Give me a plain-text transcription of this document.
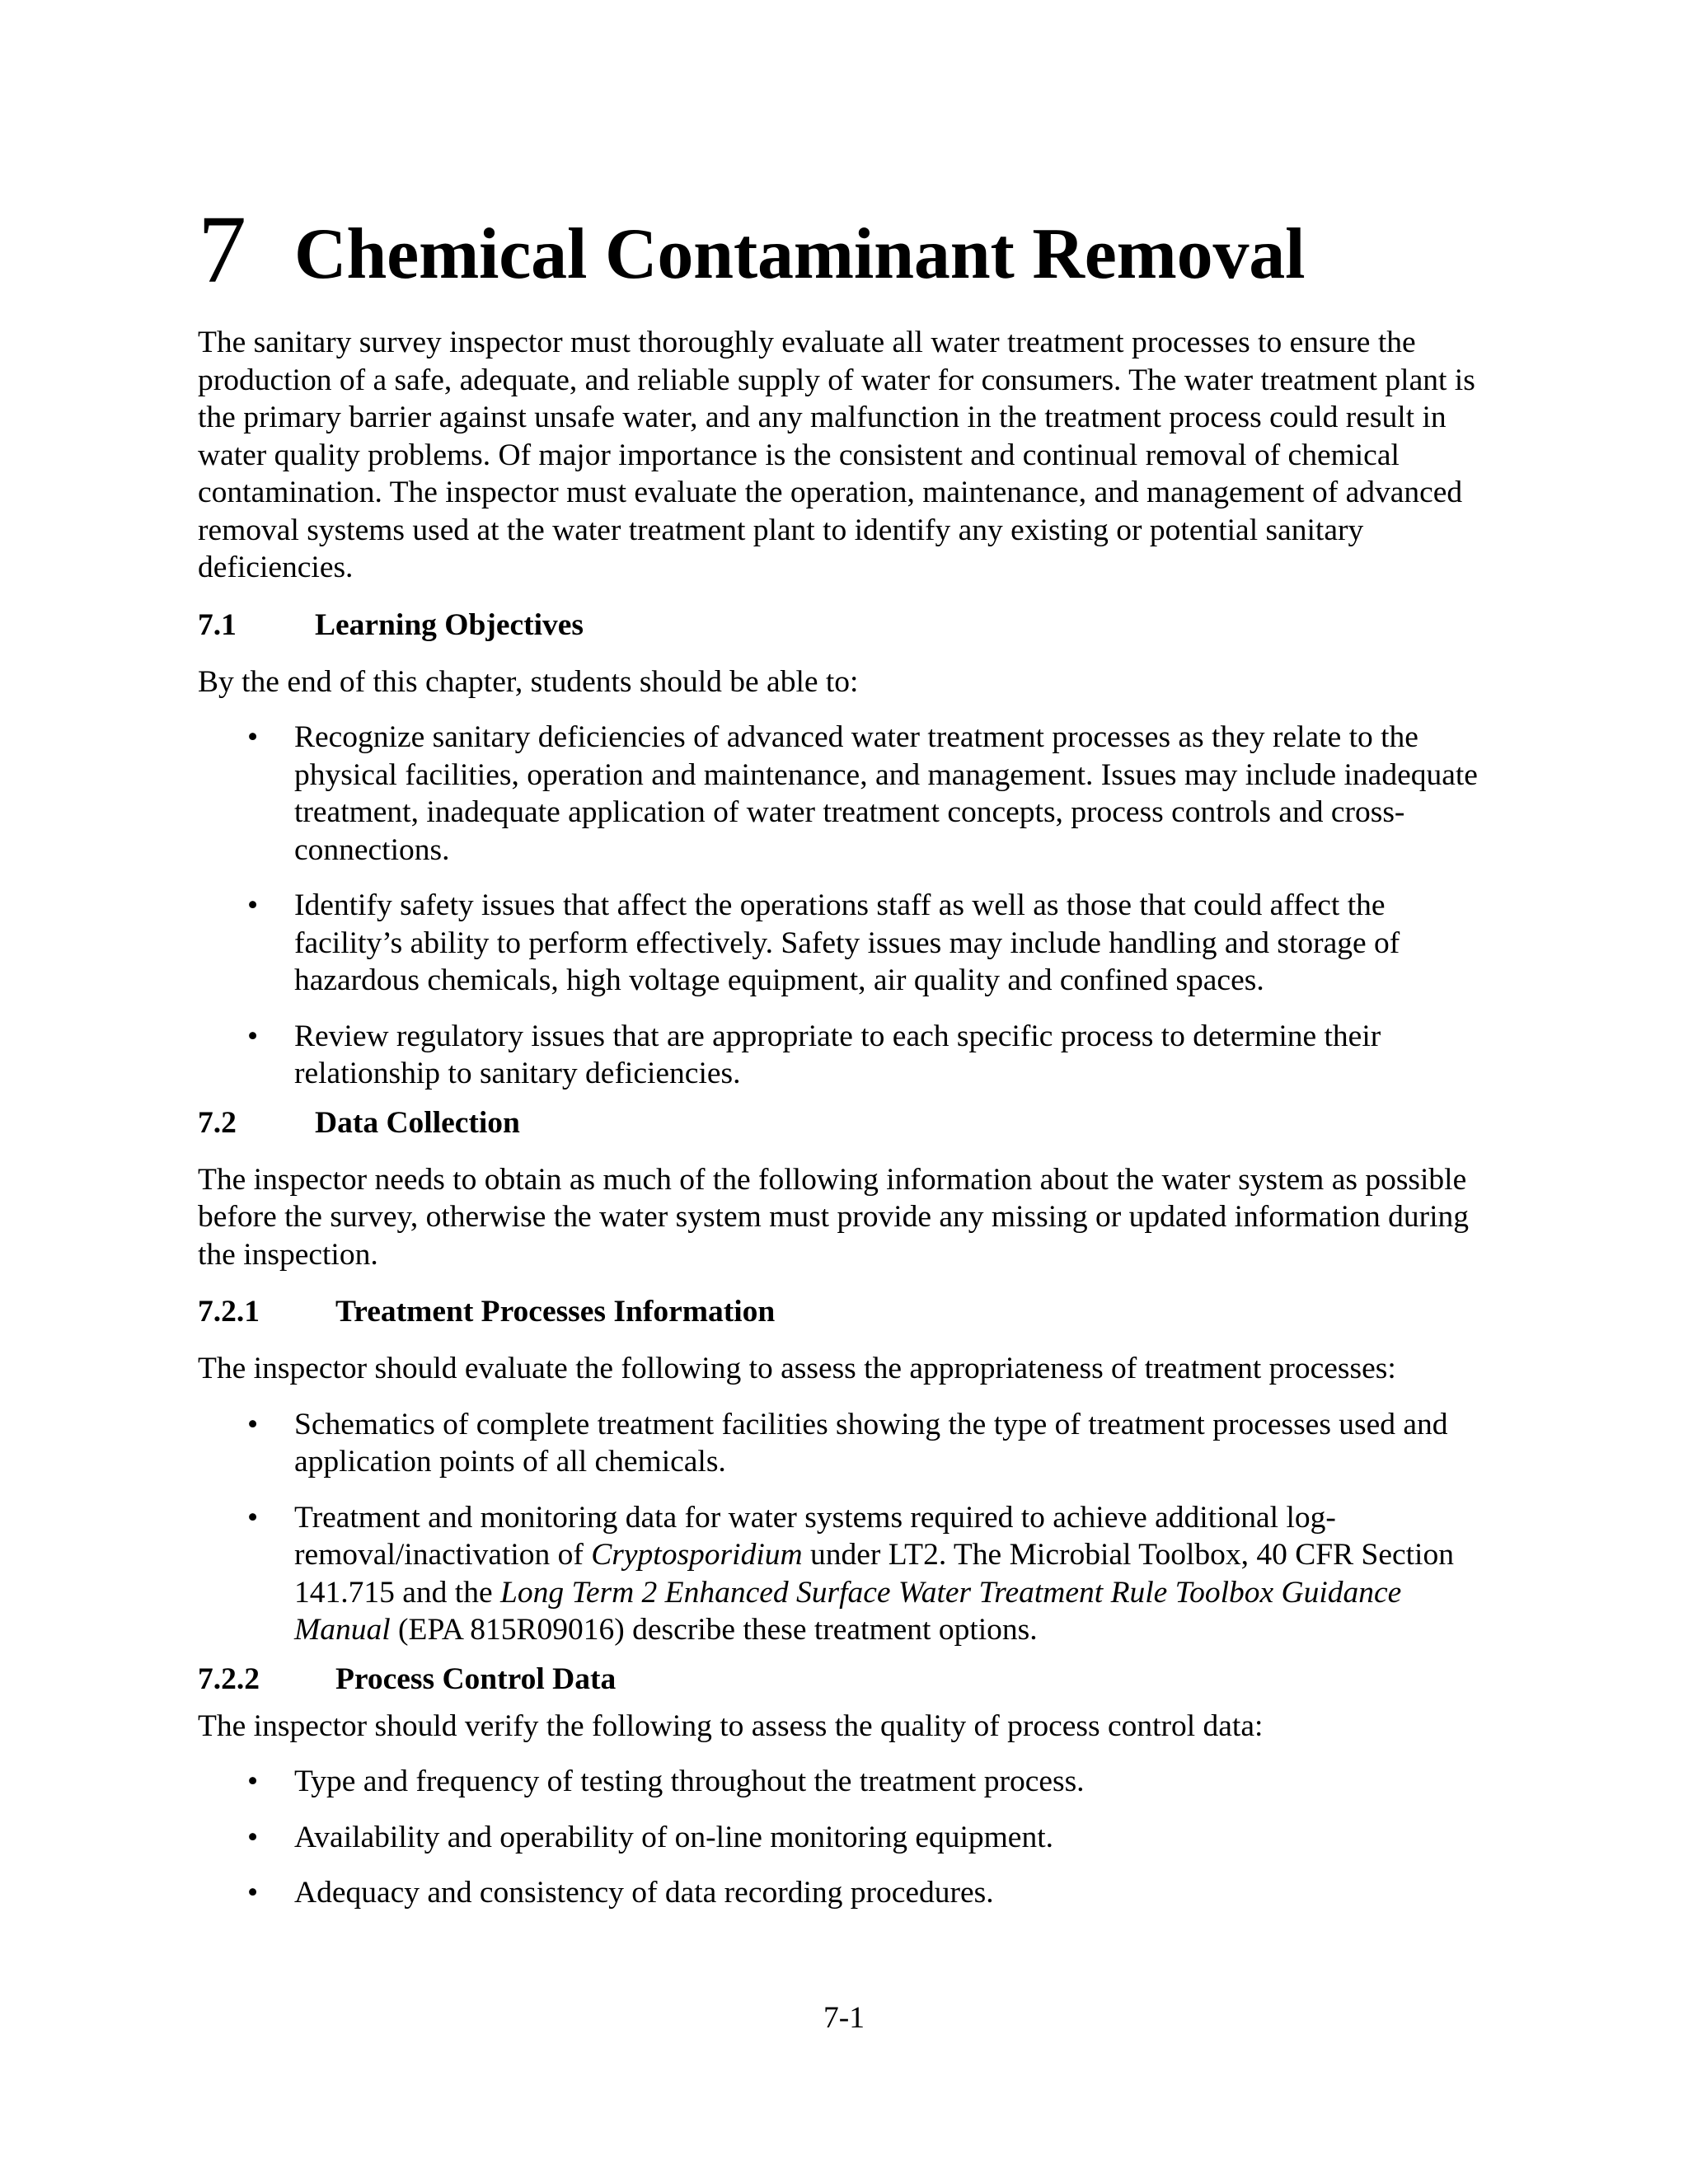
7 Chemical Contaminant Removal

The sanitary survey inspector must thoroughly evaluate all water treatment processes to ensure the production of a safe, adequate, and reliable supply of water for consumers. The water treatment plant is the primary barrier against unsafe water, and any malfunction in the treatment process could result in water quality problems. Of major importance is the consistent and continual removal of chemical contamination. The inspector must evaluate the operation, maintenance, and management of advanced removal systems used at the water treatment plant to identify any existing or potential sanitary deficiencies.

7.1	Learning Objectives

By the end of this chapter, students should be able to:

• Recognize sanitary deficiencies of advanced water treatment processes as they relate to the physical facilities, operation and maintenance, and management. Issues may include inadequate treatment, inadequate application of water treatment concepts, process controls and cross-connections.
• Identify safety issues that affect the operations staff as well as those that could affect the facility’s ability to perform effectively. Safety issues may include handling and storage of hazardous chemicals, high voltage equipment, air quality and confined spaces.
• Review regulatory issues that are appropriate to each specific process to determine their relationship to sanitary deficiencies.
7.2	Data Collection

The inspector needs to obtain as much of the following information about the water system as possible before the survey, otherwise the water system must provide any missing or updated information during the inspection.

7.2.1 Treatment Processes Information

The inspector should evaluate the following to assess the appropriateness of treatment processes:

• Schematics of complete treatment facilities showing the type of treatment processes used and application points of all chemicals.
• Treatment and monitoring data for water systems required to achieve additional log-removal/inactivation of Cryptosporidium under LT2. The Microbial Toolbox, 40 CFR Section 141.715 and the Long Term 2 Enhanced Surface Water Treatment Rule Toolbox Guidance Manual (EPA 815R09016) describe these treatment options.
7.2.2 Process Control Data

The inspector should verify the following to assess the quality of process control data:

• Type and frequency of testing throughout the treatment process.
• Availability and operability of on-line monitoring equipment.
• Adequacy and consistency of data recording procedures.
7-1
